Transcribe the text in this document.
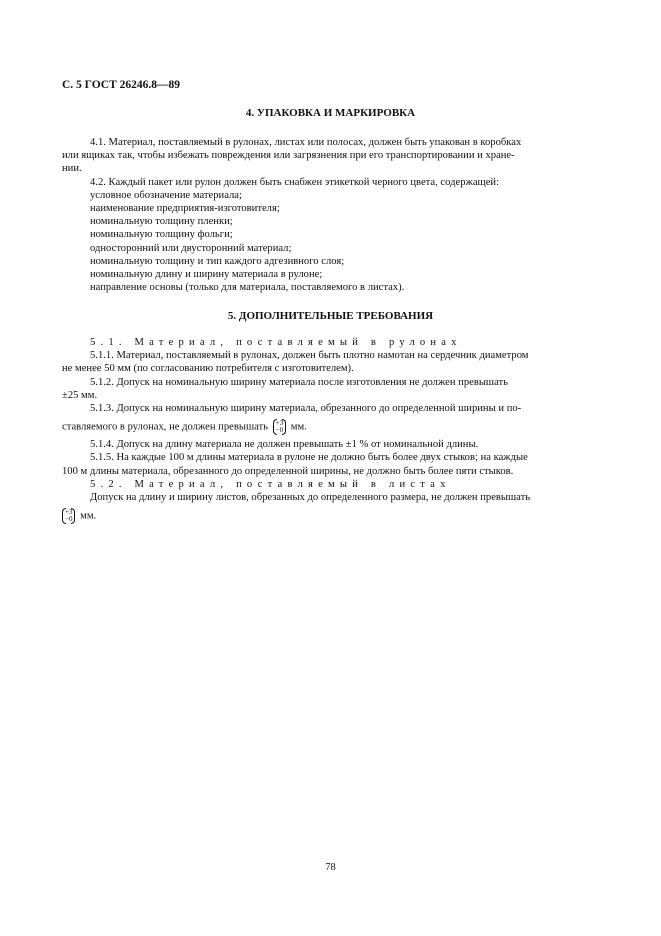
С. 5 ГОСТ 26246.8—89
4. УПАКОВКА И МАРКИРОВКА

4.1. Материал, поставляемый в рулонах, листах или полосах, должен быть упакован в коробках

или ящиках так, чтобы избежать повреждения или загрязнения при его транспортировании и хране-

нии.

4.2. Каждый пакет или рулон должен быть снабжен этикеткой черного цвета, содержащей:

условное обозначение материала;

наименование предприятия-изготовителя;

номинальную толщину пленки;

номинальную толщину фольги;

односторонний или двусторонний материал;

номинальную толщину и тип каждого адгезивного слоя;

номинальную длину и ширину материала в рулоне;

направление основы (только для материала, поставляемого в листах).

5. ДОПОЛНИТЕЛЬНЫЕ ТРЕБОВАНИЯ

5.1. Материал, поставляемый в рулонах

5.1.1. Материал, поставляемый в рулонах, должен быть плотно намотан на сердечник диаметром

не менее 50 мм (по согласованию потребителя с изготовителем).

5.1.2. Допуск на номинальную ширину материала после изготовления не должен превышать

±25 мм.

5.1.3. Допуск на номинальную ширину материала, обрезанного до определенной ширины и по-

ставляемого в рулонах, не должен превышать +3
−0 мм.

5.1.4. Допуск на длину материала не должен превышать ±1 % от номинальной длины.

5.1.5. На каждые 100 м длины материала в рулоне не должно быть более двух стыков; на каждые

100 м длины материала, обрезанного до определенной ширины, не должно быть более пяти стыков.

5.2. Материал, поставляемый в листах

Допуск на длину и ширину листов, обрезанных до определенного размера, не должен превышать

+3
−0 мм.

78
